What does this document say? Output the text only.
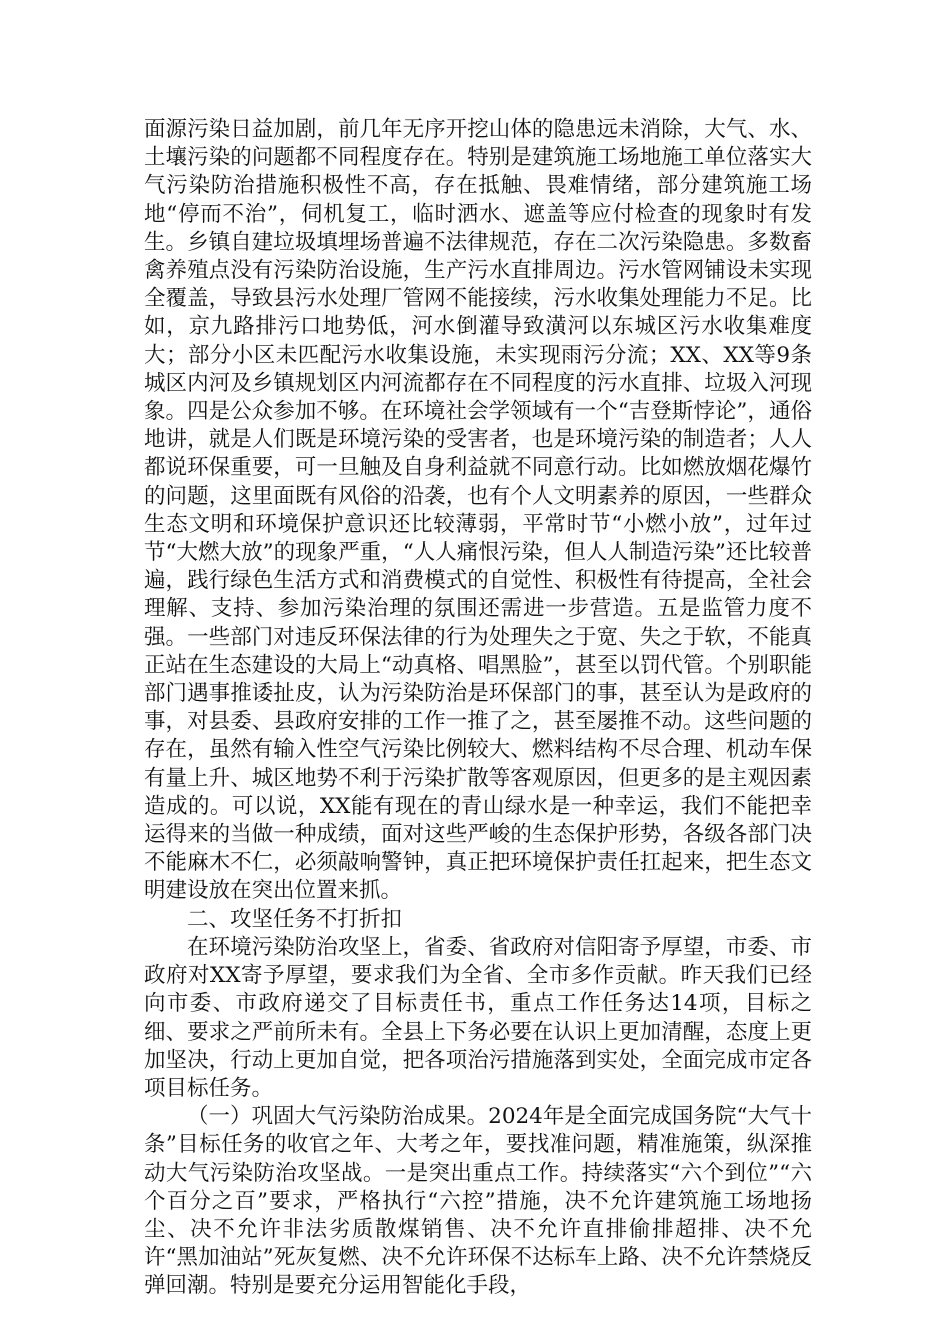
面源污染日益加剧，前几年无序开挖山体的隐患远未消除，大气、水、土壤污染的问题都不同程度存在。特别是建筑施工场地施工单位落实大气污染防治措施积极性不高，存在抵触、畏难情绪，部分建筑施工场地“停而不治”，伺机复工，临时洒水、遮盖等应付检查的现象时有发生。乡镇自建垃圾填埋场普遍不法律规范，存在二次污染隐患。多数畜禽养殖点没有污染防治设施，生产污水直排周边。污水管网铺设未实现全覆盖，导致县污水处理厂管网不能接续，污水收集处理能力不足。比如，京九路排污口地势低，河水倒灌导致潢河以东城区污水收集难度大；部分小区未匹配污水收集设施，未实现雨污分流；XX、XX等9条城区内河及乡镇规划区内河流都存在不同程度的污水直排、垃圾入河现象。四是公众参加不够。在环境社会学领域有一个“吉登斯悖论”，通俗地讲，就是人们既是环境污染的受害者，也是环境污染的制造者；人人都说环保重要，可一旦触及自身利益就不同意行动。比如燃放烟花爆竹的问题，这里面既有风俗的沿袭，也有个人文明素养的原因，一些群众生态文明和环境保护意识还比较薄弱，平常时节“小燃小放”，过年过节“大燃大放”的现象严重，“人人痛恨污染，但人人制造污染”还比较普遍，践行绿色生活方式和消费模式的自觉性、积极性有待提高，全社会理解、支持、参加污染治理的氛围还需进一步营造。五是监管力度不强。一些部门对违反环保法律的行为处理失之于宽、失之于软，不能真正站在生态建设的大局上“动真格、唱黑脸”，甚至以罚代管。个别职能部门遇事推诿扯皮，认为污染防治是环保部门的事，甚至认为是政府的事，对县委、县政府安排的工作一推了之，甚至屡推不动。这些问题的存在，虽然有输入性空气污染比例较大、燃料结构不尽合理、机动车保有量上升、城区地势不利于污染扩散等客观原因，但更多的是主观因素造成的。可以说，XX能有现在的青山绿水是一种幸运，我们不能把幸运得来的当做一种成绩，面对这些严峻的生态保护形势，各级各部门决不能麻木不仁，必须敲响警钟，真正把环境保护责任扛起来，把生态文明建设放在突出位置来抓。

二、攻坚任务不打折扣

在环境污染防治攻坚上，省委、省政府对信阳寄予厚望，市委、市政府对XX寄予厚望，要求我们为全省、全市多作贡献。昨天我们已经向市委、市政府递交了目标责任书，重点工作任务达14项，目标之细、要求之严前所未有。全县上下务必要在认识上更加清醒，态度上更加坚决，行动上更加自觉，把各项治污措施落到实处，全面完成市定各项目标任务。

（一）巩固大气污染防治成果。2024年是全面完成国务院“大气十条”目标任务的收官之年、大考之年，要找准问题，精准施策，纵深推动大气污染防治攻坚战。一是突出重点工作。持续落实“六个到位”“六个百分之百”要求，严格执行“六控”措施，决不允许建筑施工场地扬尘、决不允许非法劣质散煤销售、决不允许直排偷排超排、决不允许“黑加油站”死灰复燃、决不允许环保不达标车上路、决不允许禁烧反弹回潮。特别是要充分运用智能化手段，
